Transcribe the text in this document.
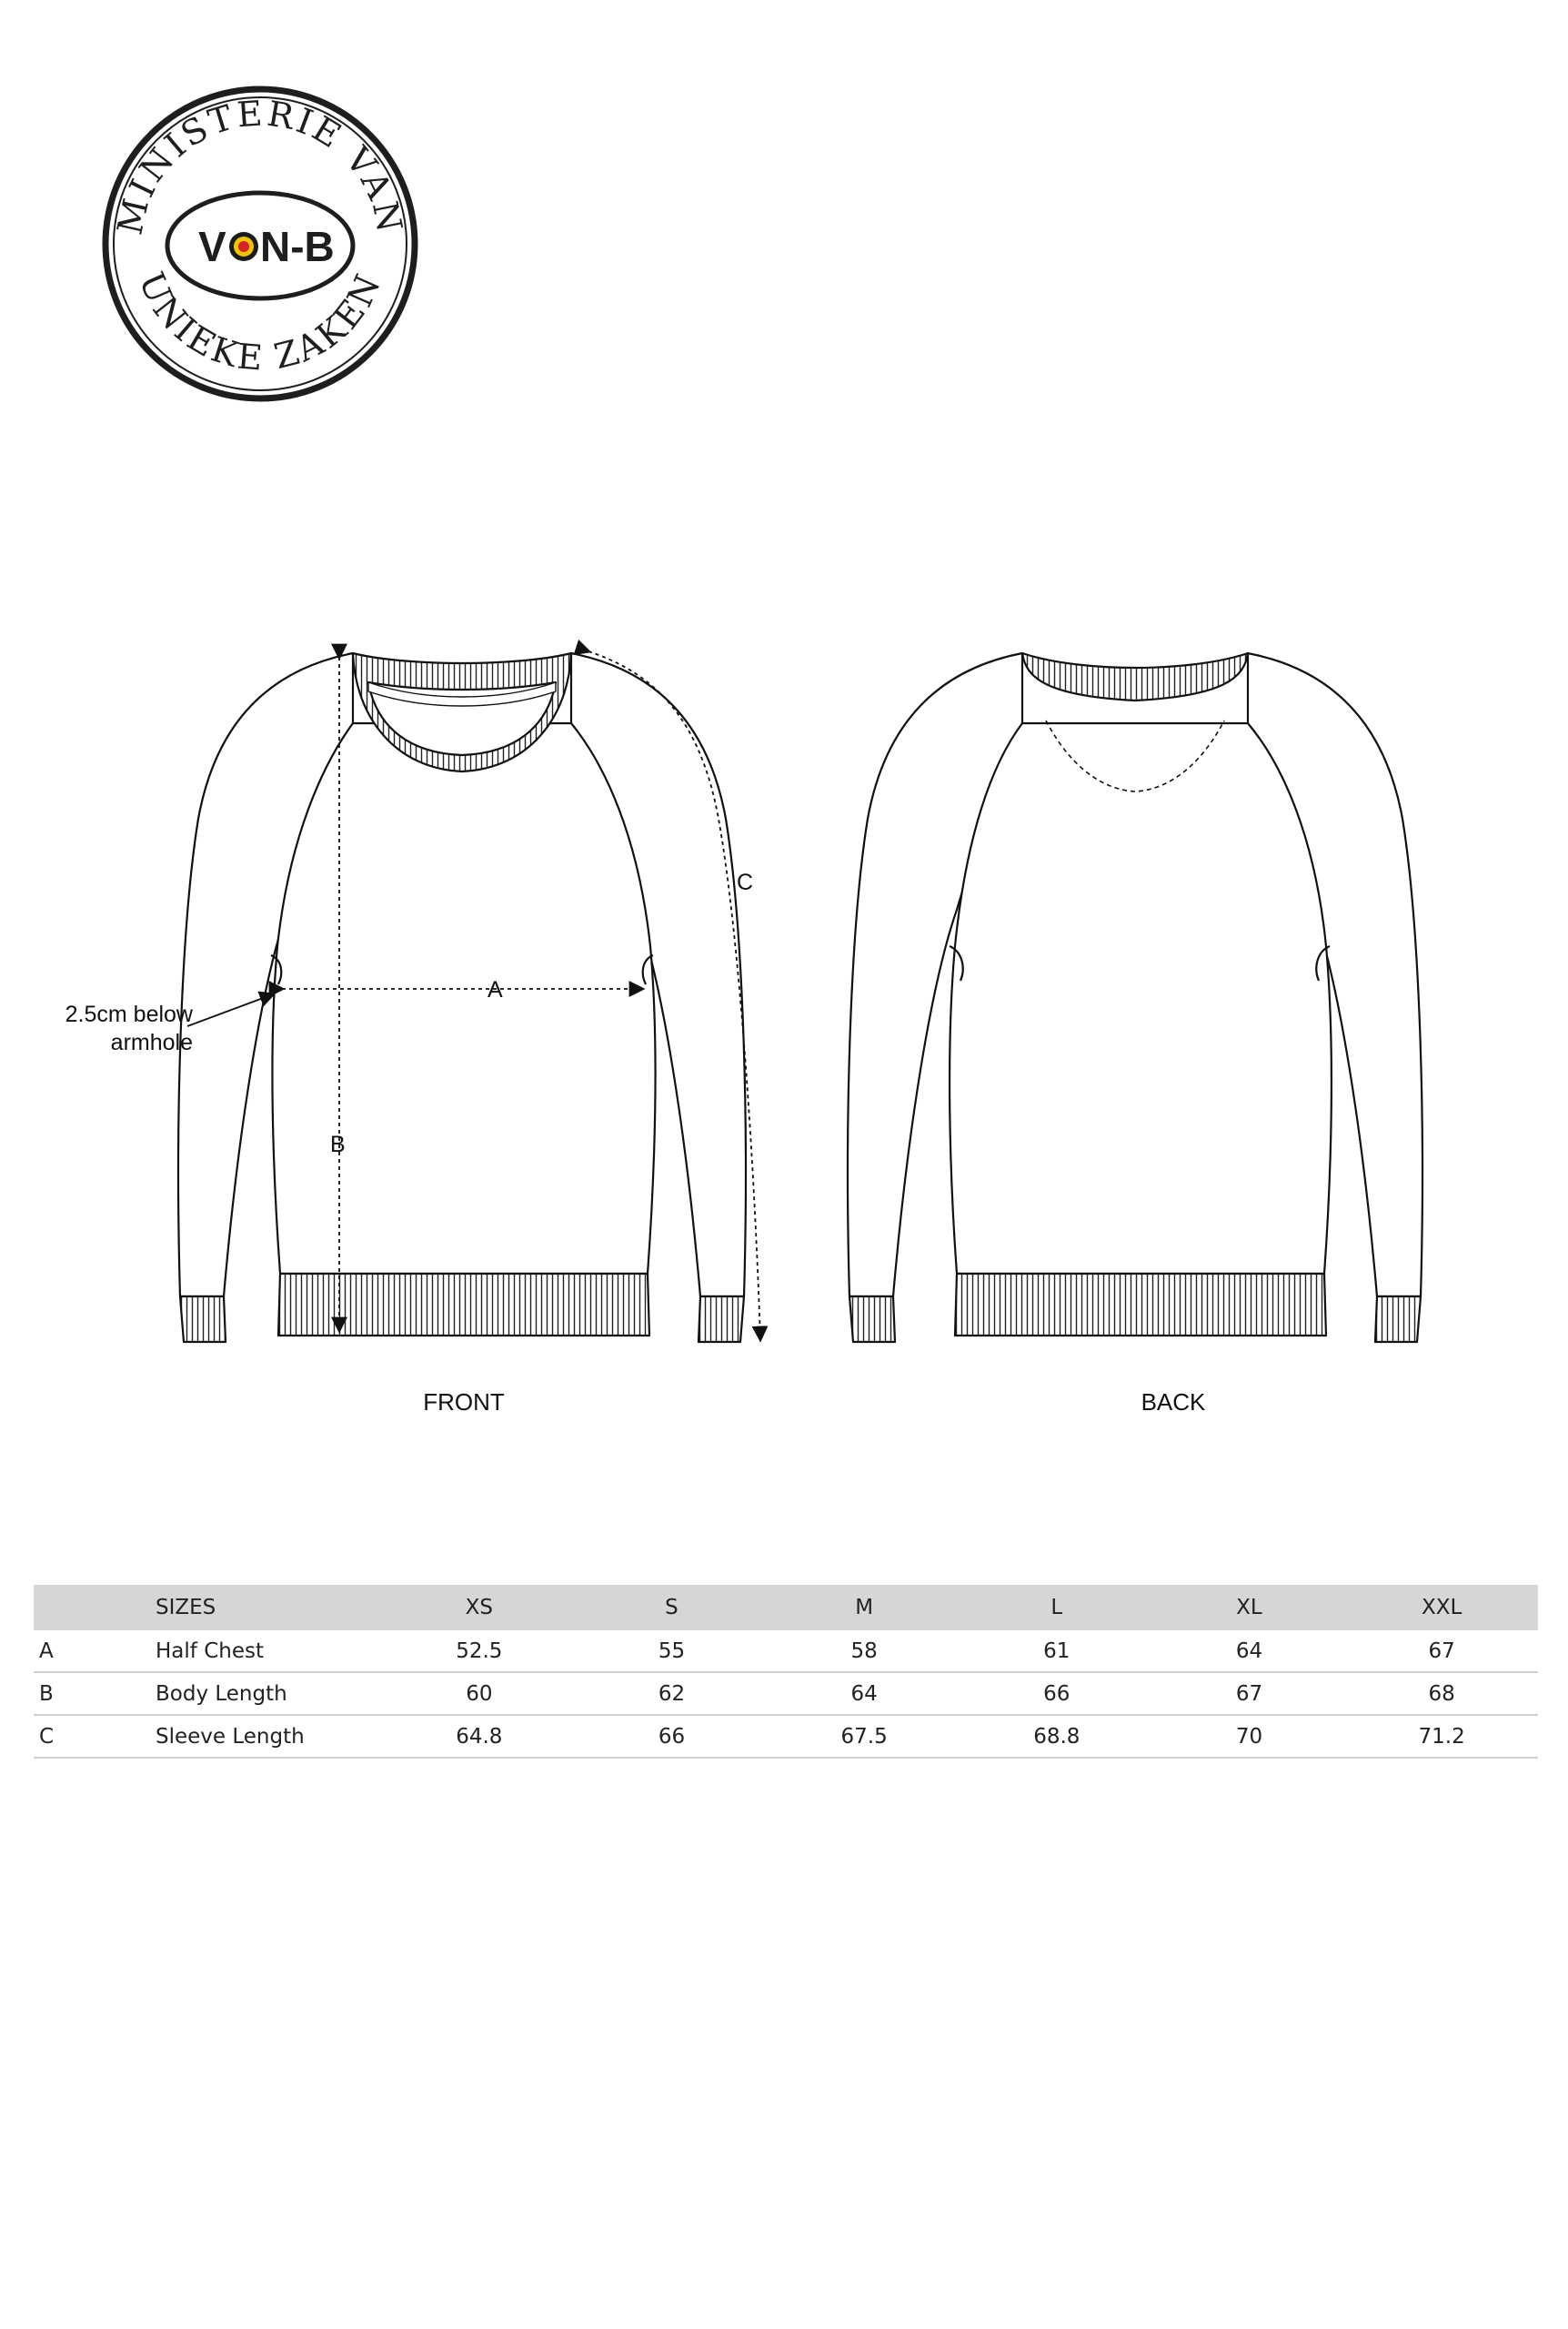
MINISTERIE VAN
UNIEKE ZAKEN
V N-B
2.5cm below
armhole
A
B
C
FRONT	BACK
	SIZES	XS	S	M	L	XL	XXL
A	Half Chest	52.5	55	58	61	64	67
B	Body Length	60	62	64	66	67	68
C	Sleeve Length	64.8	66	67.5	68.8	70	71.2
